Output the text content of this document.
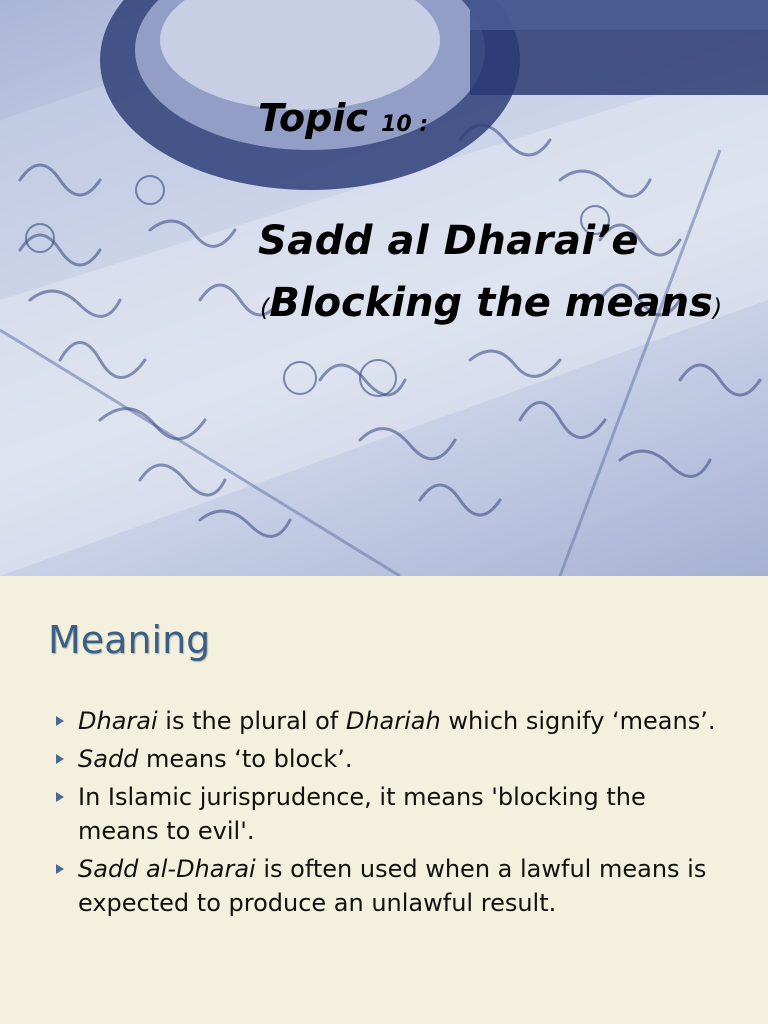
Topic 10 :
Sadd al Dharai’e
(Blocking the means)
Meaning
Dharai is the plural of Dhariah which signify ‘means’.
Sadd means ‘to block’.
In Islamic jurisprudence, it means 'blocking the means to evil'.
Sadd al-Dharai is often used when a lawful means is expected to produce an unlawful result.
